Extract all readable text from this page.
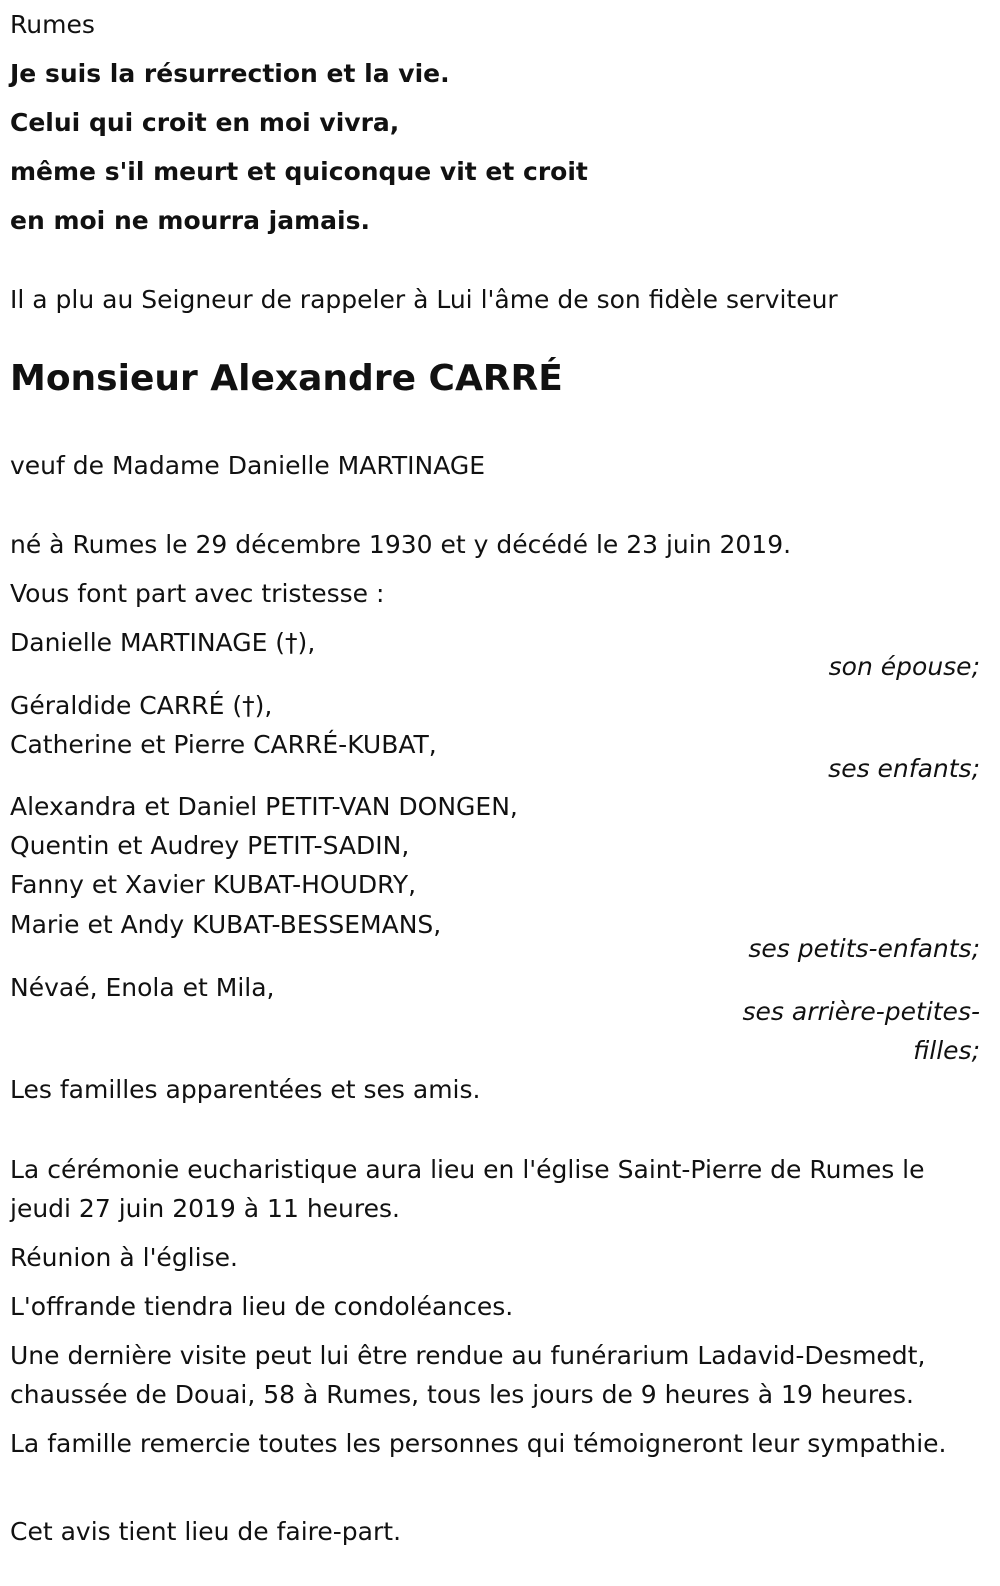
Rumes
Je suis la résurrection et la vie.
Celui qui croit en moi vivra,
même s'il meurt et quiconque vit et croit
en moi ne mourra jamais.
Il a plu au Seigneur de rappeler à Lui l'âme de son fidèle serviteur
Monsieur Alexandre CARRÉ
veuf de Madame Danielle MARTINAGE
né à Rumes le 29 décembre 1930 et y décédé le 23 juin 2019.
Vous font part avec tristesse :
Danielle MARTINAGE (†),
son épouse;
Géraldide CARRÉ (†),
Catherine et Pierre CARRÉ-KUBAT,
ses enfants;
Alexandra et Daniel PETIT-VAN DONGEN,
Quentin et Audrey PETIT-SADIN,
Fanny et Xavier KUBAT-HOUDRY,
Marie et Andy KUBAT-BESSEMANS,
ses petits-enfants;
Névaé, Enola et Mila,
ses arrière-petites-
filles;
Les familles apparentées et ses amis.
La cérémonie eucharistique aura lieu en l'église Saint-Pierre de Rumes le jeudi 27 juin 2019 à 11 heures.
Réunion à l'église.
L'offrande tiendra lieu de condoléances.
Une dernière visite peut lui être rendue au funérarium Ladavid-Desmedt, chaussée de Douai, 58 à Rumes, tous les jours de 9 heures à 19 heures.
La famille remercie toutes les personnes qui témoigneront leur sympathie.
Cet avis tient lieu de faire-part.
